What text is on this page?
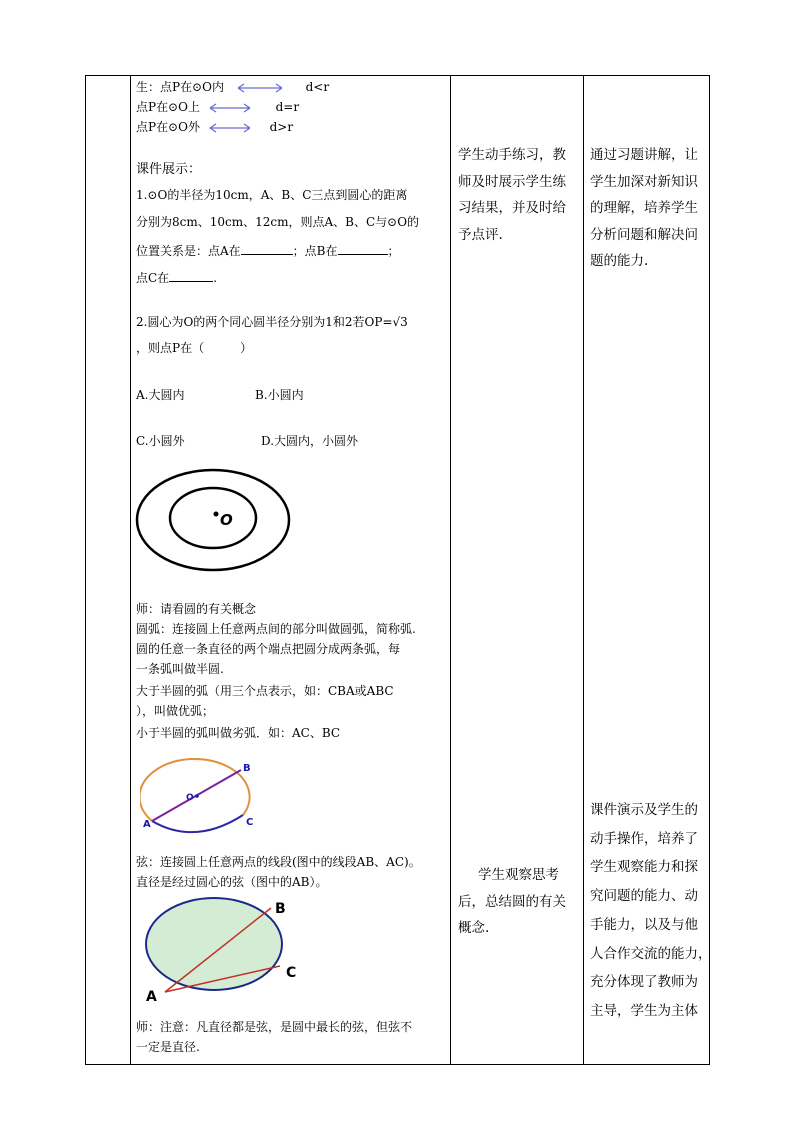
生：点P在⊙O内	d<r
点P在⊙O上	d=r
点P在⊙O外	d>r
课件展示：
1.⊙O的半径为10cm，A、B、C三点到圆心的距离
分别为8cm、10cm、12cm，则点A、B、C与⊙O的
位置关系是：点A在	；点B在	；
点C在	.
2.圆心为O的两个同心圆半径分别为1和2若OP=√3
，则点P在（　　　）
A.大圆内	B.小圆内
C.小圆外	D.大圆内，小圆外
O
师：请看圆的有关概念
圆弧：连接圆上任意两点间的部分叫做圆弧，简称弧.
圆的任意一条直径的两个端点把圆分成两条弧，每
一条弧叫做半圆.
大于半圆的弧（用三个点表示，如：CBA或ABC
），叫做优弧；
小于半圆的弧叫做劣弧．如：AC、BC
B
O
A	C
弦：连接圆上任意两点的线段(图中的线段AB、AC)。
直径是经过圆心的弦（图中的AB）。
B
C
A
师：注意：凡直径都是弦，是圆中最长的弦，但弦不
一定是直径.

学生动手练习，教

师及时展示学生练

习结果，并及时给

予点评.

学生观察思考

后，总结圆的有关

概念.

通过习题讲解，让

学生加深对新知识

的理解，培养学生

分析问题和解决问

题的能力.

课件演示及学生的

动手操作，培养了

学生观察能力和探

究问题的能力、动

手能力，以及与他

人合作交流的能力，

充分体现了教师为

主导，学生为主体
